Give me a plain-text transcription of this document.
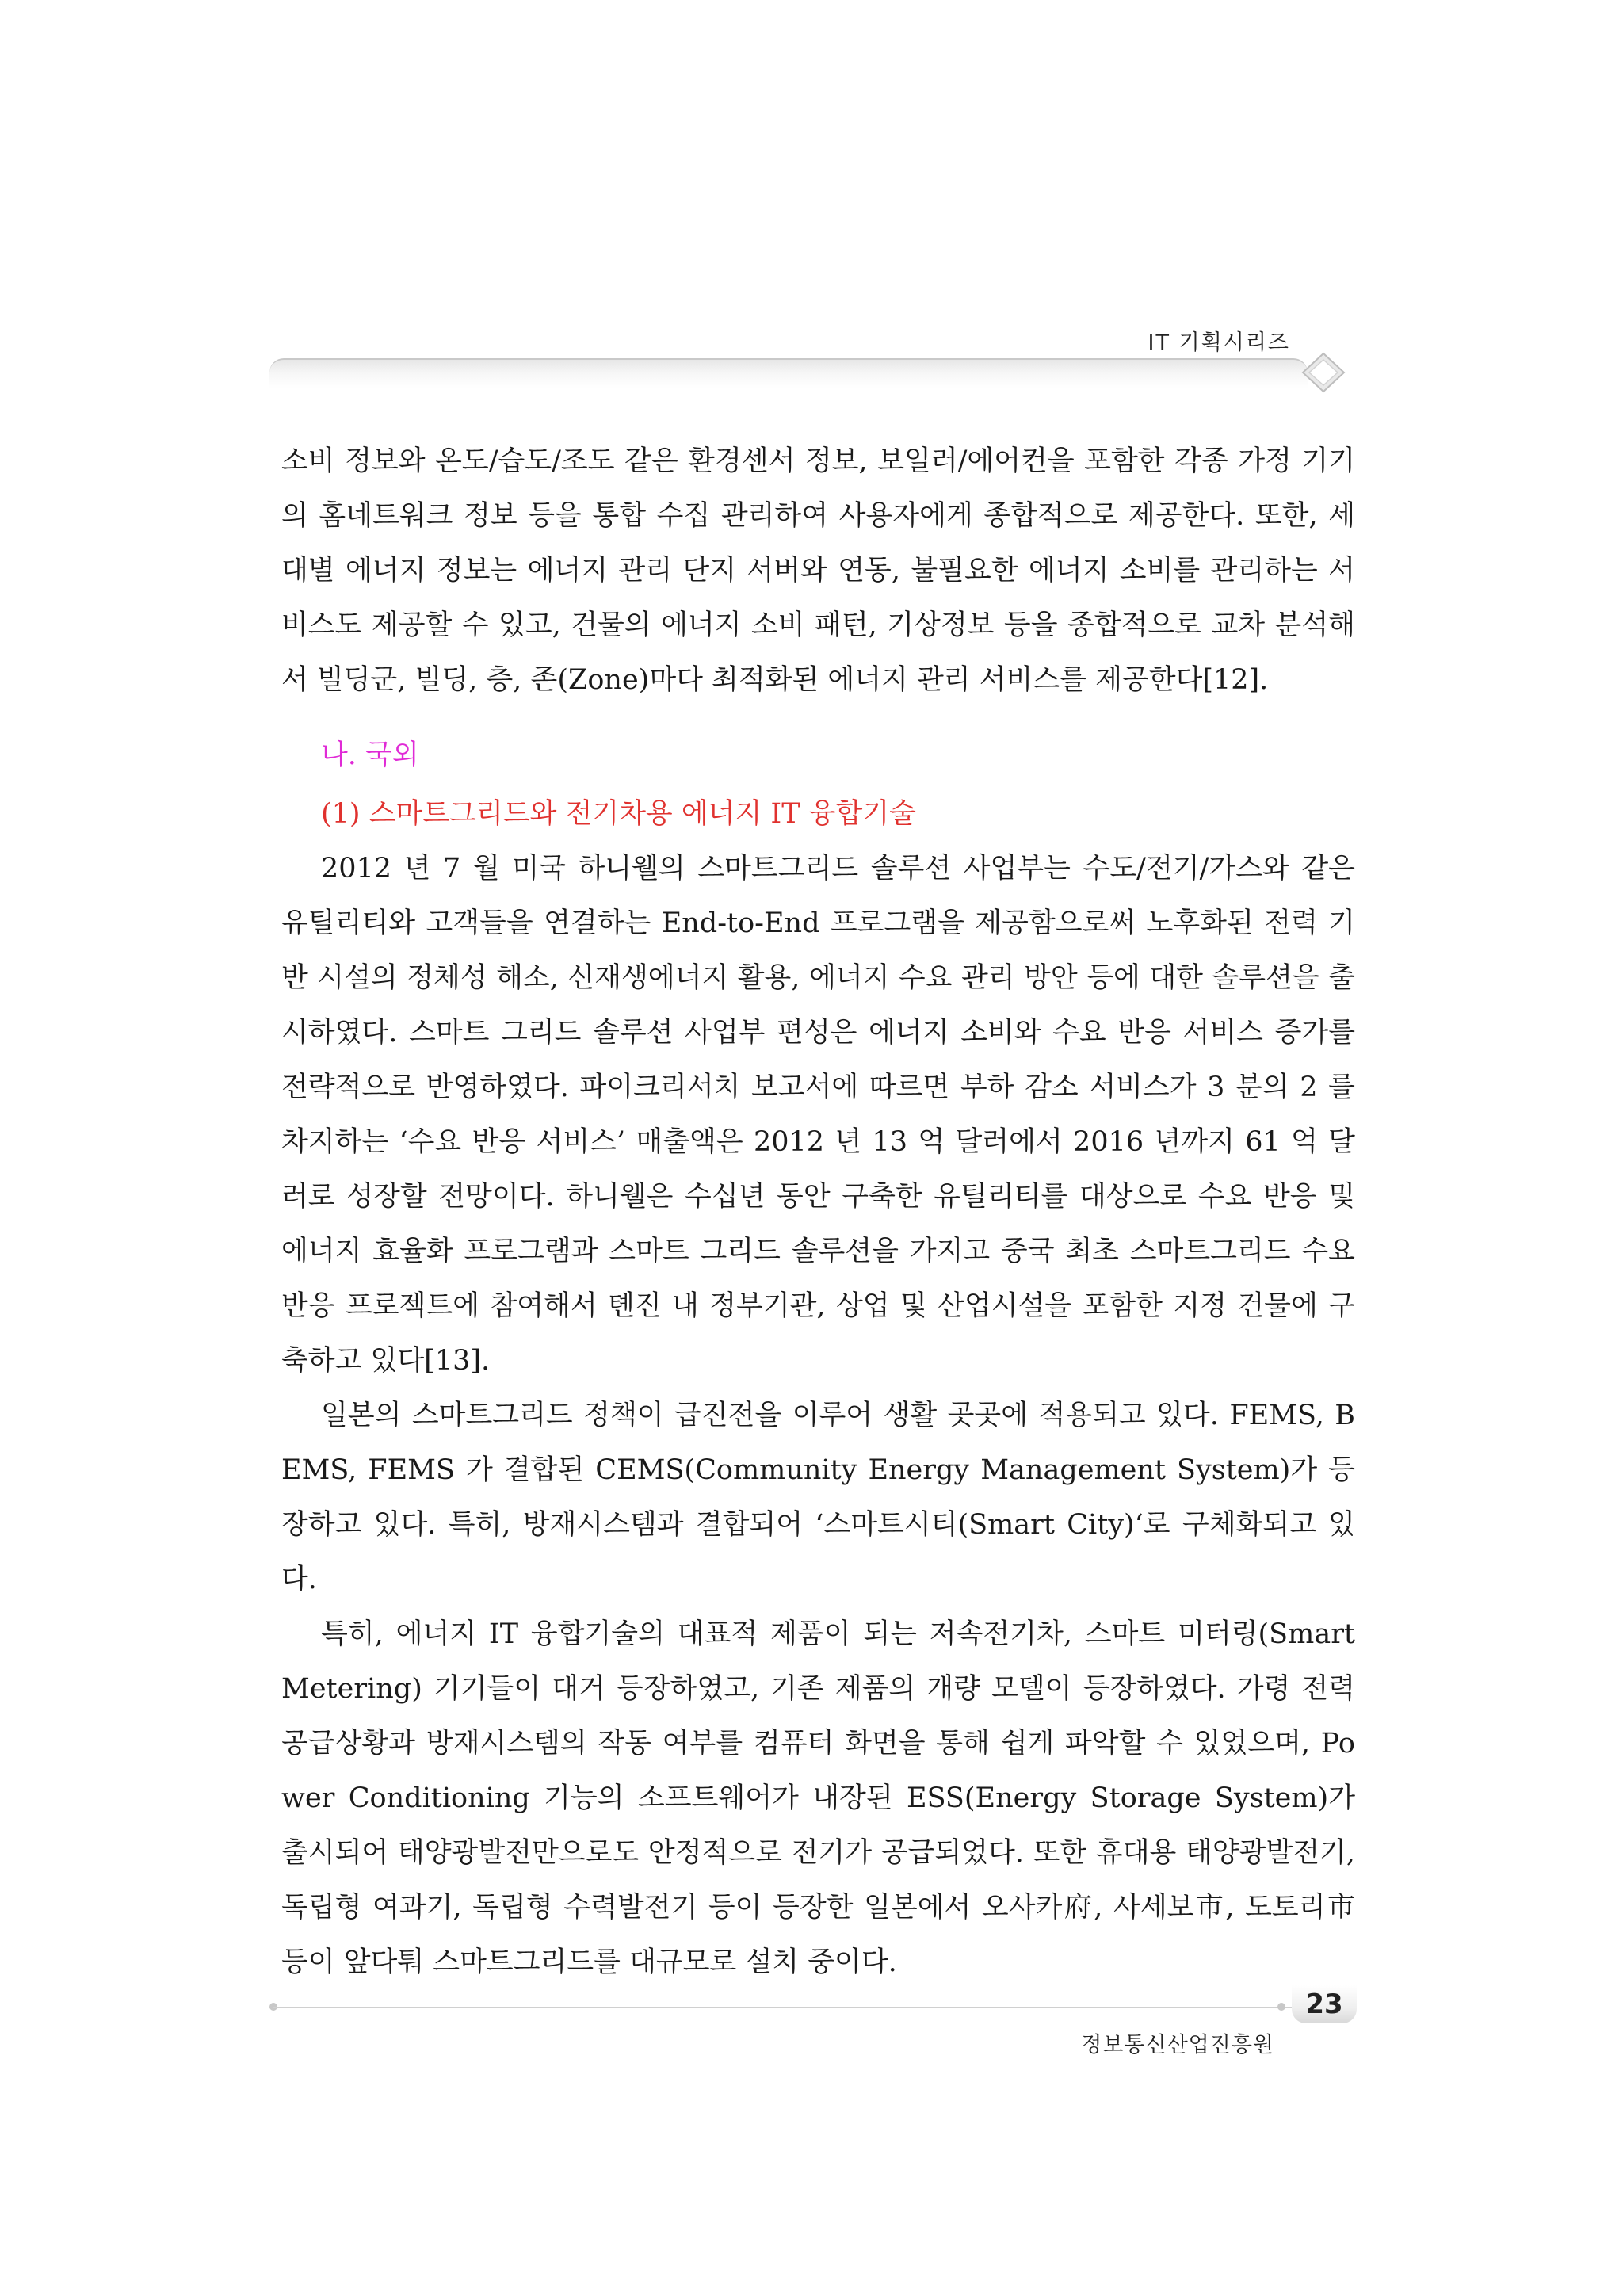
IT 기획시리즈

소비 정보와 온도/습도/조도 같은 환경센서 정보, 보일러/에어컨을 포함한 각종 가정 기기의 홈네트워크 정보 등을 통합 수집 관리하여 사용자에게 종합적으로 제공한다. 또한, 세대별 에너지 정보는 에너지 관리 단지 서버와 연동, 불필요한 에너지 소비를 관리하는 서비스도 제공할 수 있고, 건물의 에너지 소비 패턴, 기상정보 등을 종합적으로 교차 분석해서 빌딩군, 빌딩, 층, 존(Zone)마다 최적화된 에너지 관리 서비스를 제공한다[12].

나. 국외

(1) 스마트그리드와 전기차용 에너지 IT 융합기술

2012 년 7 월 미국 하니웰의 스마트그리드 솔루션 사업부는 수도/전기/가스와 같은 유틸리티와 고객들을 연결하는 End-to-End 프로그램을 제공함으로써 노후화된 전력 기반 시설의 정체성 해소, 신재생에너지 활용, 에너지 수요 관리 방안 등에 대한 솔루션을 출시하였다. 스마트 그리드 솔루션 사업부 편성은 에너지 소비와 수요 반응 서비스 증가를 전략적으로 반영하였다. 파이크리서치 보고서에 따르면 부하 감소 서비스가 3 분의 2 를 차지하는 ‘수요 반응 서비스’ 매출액은 2012 년 13 억 달러에서 2016 년까지 61 억 달러로 성장할 전망이다. 하니웰은 수십년 동안 구축한 유틸리티를 대상으로 수요 반응 및 에너지 효율화 프로그램과 스마트 그리드 솔루션을 가지고 중국 최초 스마트그리드 수요 반응 프로젝트에 참여해서 톈진 내 정부기관, 상업 및 산업시설을 포함한 지정 건물에 구축하고 있다[13].

일본의 스마트그리드 정책이 급진전을 이루어 생활 곳곳에 적용되고 있다. FEMS, BEMS, FEMS 가 결합된 CEMS(Community Energy Management System)가 등장하고 있다. 특히, 방재시스템과 결합되어 ‘스마트시티(Smart City)‘로 구체화되고 있다.

특히, 에너지 IT 융합기술의 대표적 제품이 되는 저속전기차, 스마트 미터링(Smart Metering) 기기들이 대거 등장하였고, 기존 제품의 개량 모델이 등장하였다. 가령 전력공급상황과 방재시스템의 작동 여부를 컴퓨터 화면을 통해 쉽게 파악할 수 있었으며, Power Conditioning 기능의 소프트웨어가 내장된 ESS(Energy Storage System)가 출시되어 태양광발전만으로도 안정적으로 전기가 공급되었다. 또한 휴대용 태양광발전기, 독립형 여과기, 독립형 수력발전기 등이 등장한 일본에서 오사카府, 사세보市, 도토리市 등이 앞다퉈 스마트그리드를 대규모로 설치 중이다.

23
정보통신산업진흥원
